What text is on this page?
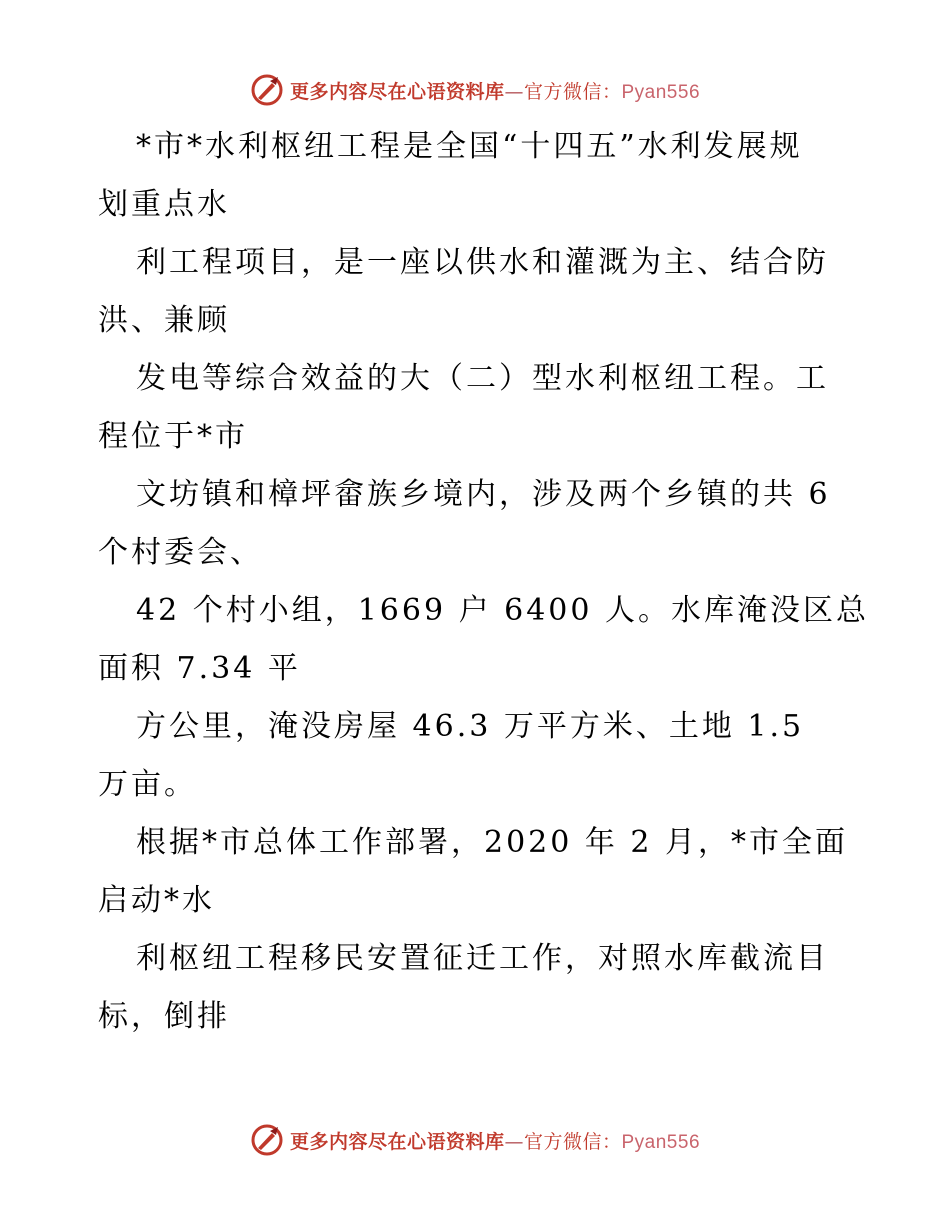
更多内容尽在心语资料库—官方微信：Pyan556
*市*水利枢纽工程是全国“十四五”水利发展规
划重点水
利工程项目，是一座以供水和灌溉为主、结合防
洪、兼顾
发电等综合效益的大（二）型水利枢纽工程。工
程位于*市
文坊镇和樟坪畲族乡境内，涉及两个乡镇的共 6
个村委会、
42 个村小组，1669 户 6400 人。水库淹没区总
面积 7.34 平
方公里，淹没房屋 46.3 万平方米、土地 1.5
万亩。
根据*市总体工作部署，2020 年 2 月，*市全面
启动*水
利枢纽工程移民安置征迁工作，对照水库截流目
标，倒排
更多内容尽在心语资料库—官方微信：Pyan556
